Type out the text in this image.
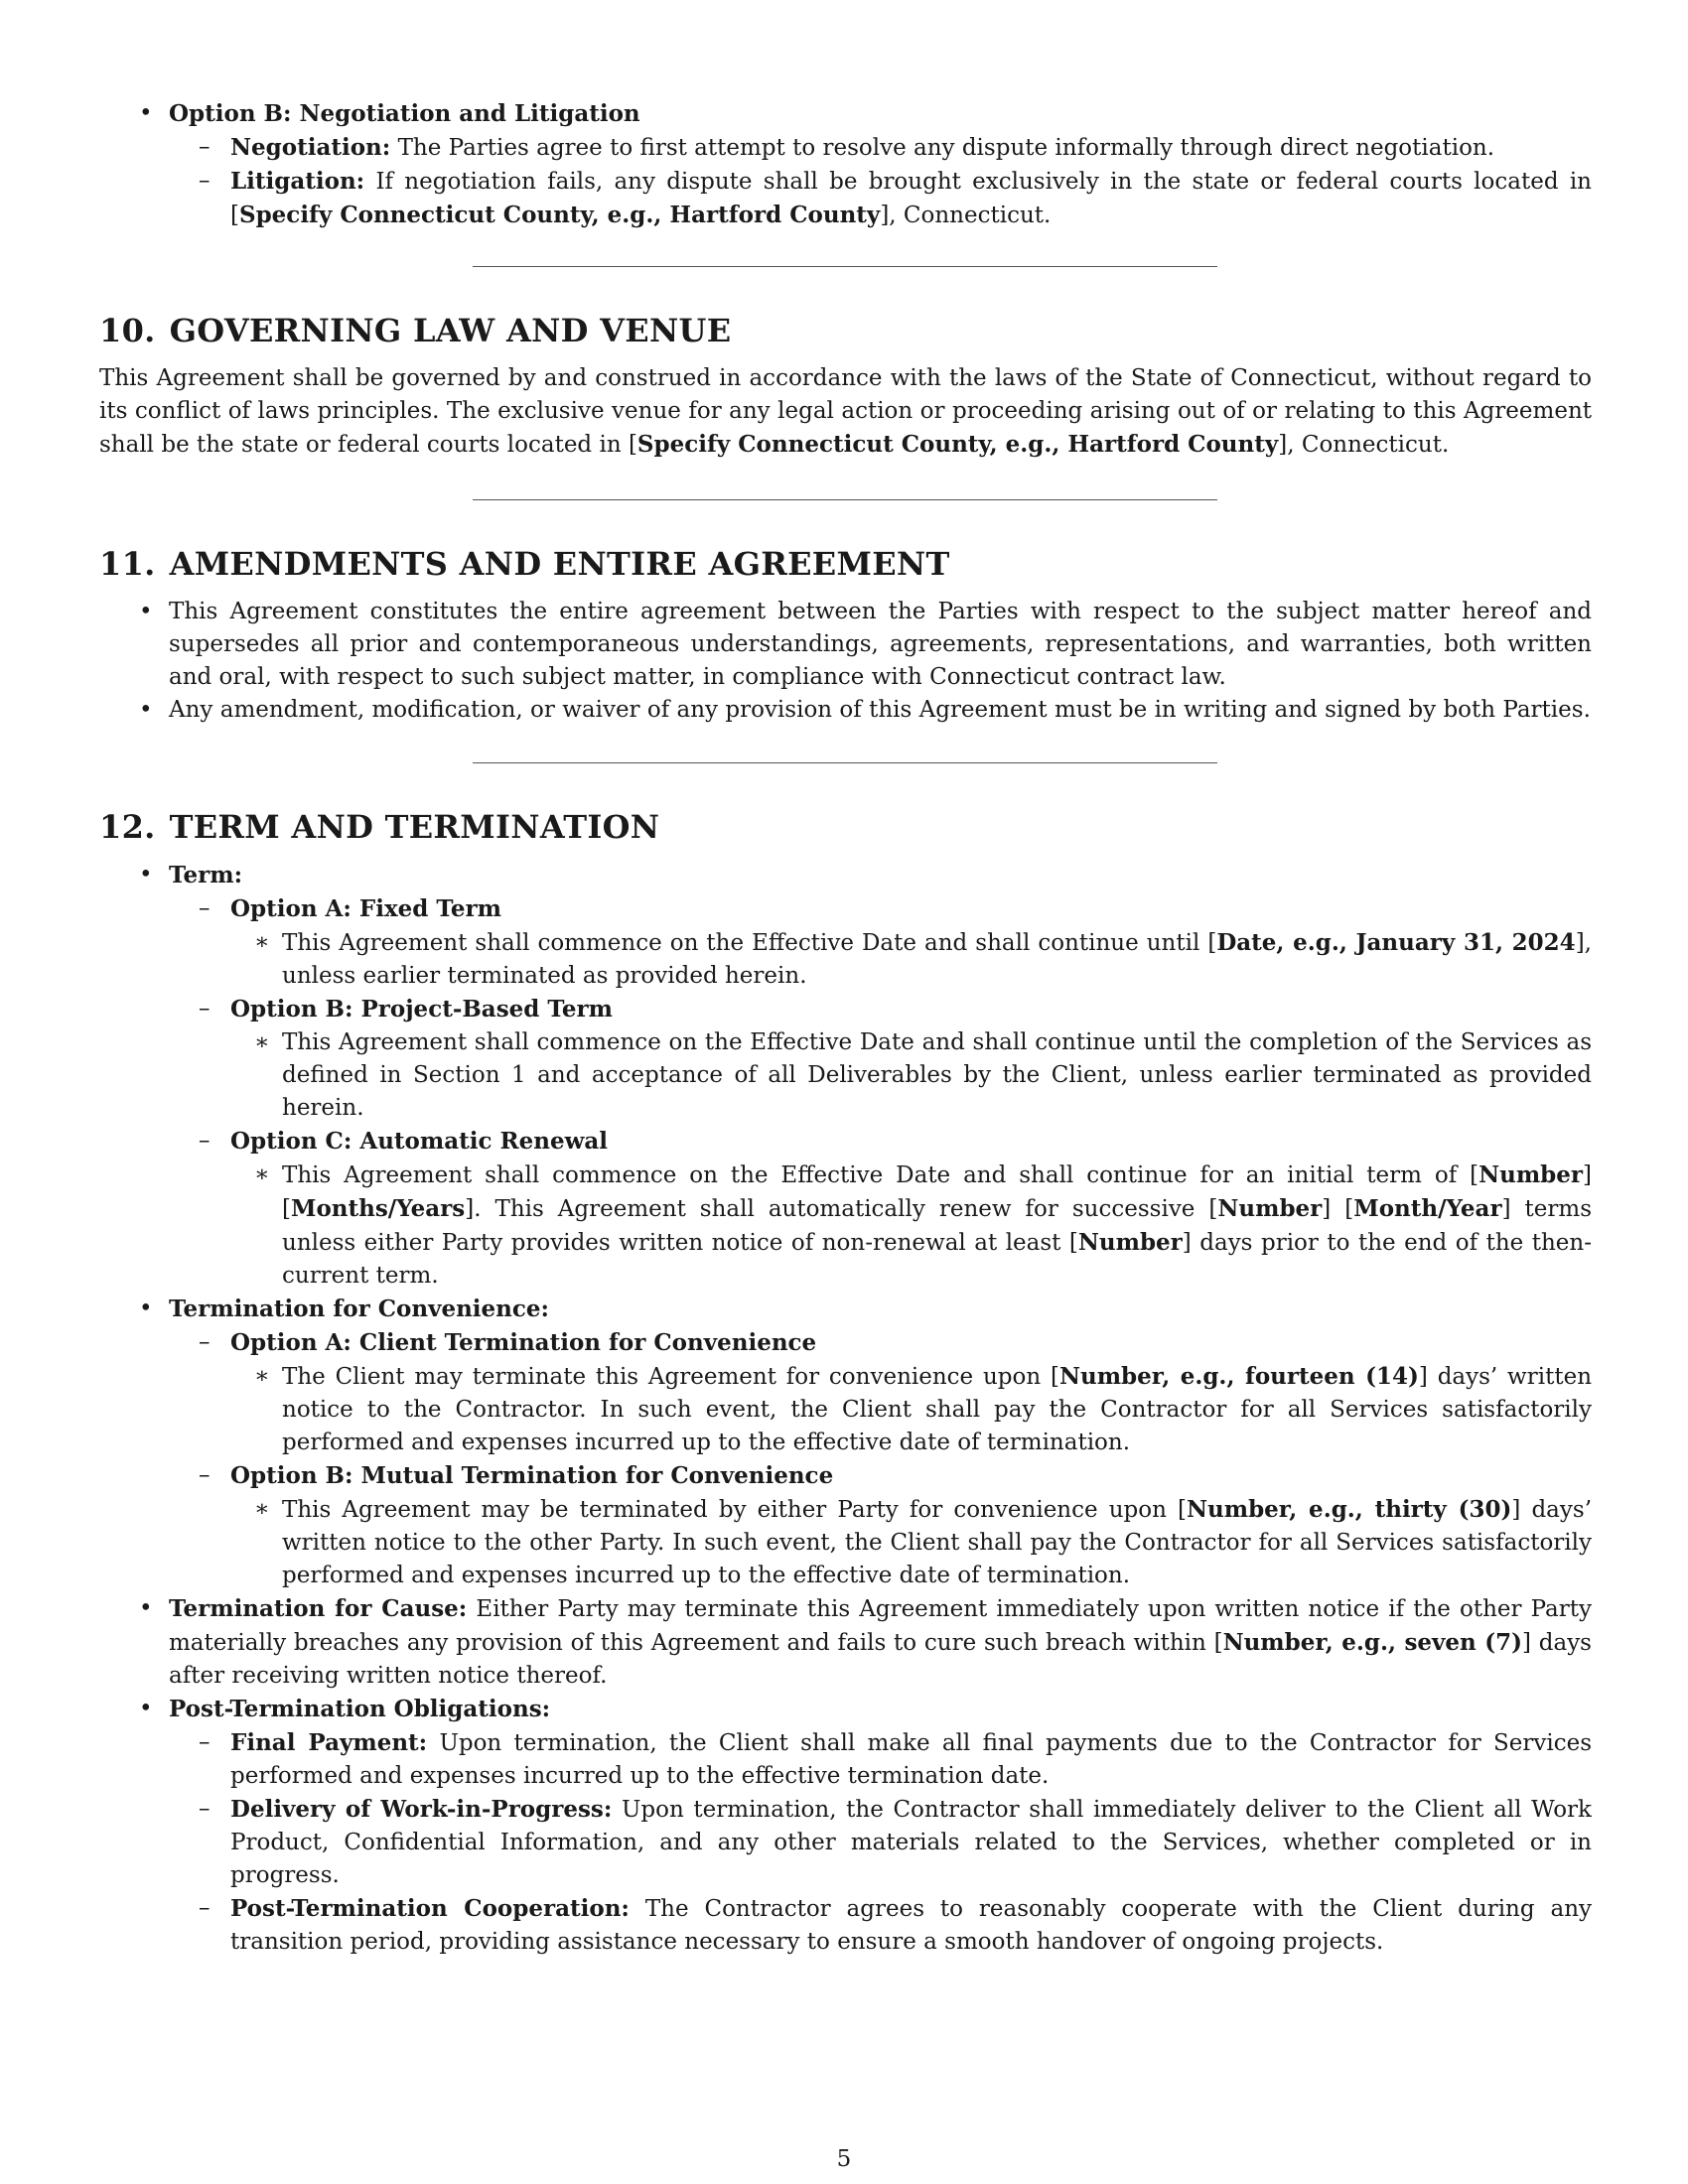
• Option B: Negotiation and Litigation
– Negotiation: The Parties agree to first attempt to resolve any dispute informally through direct negotiation.
– Litigation: If negotiation fails, any dispute shall be brought exclusively in the state or federal courts located in [Specify Connecticut County, e.g., Hartford County], Connecticut.
10. GOVERNING LAW AND VENUE

This Agreement shall be governed by and construed in accordance with the laws of the State of Connecticut, without regard to its conflict of laws principles. The exclusive venue for any legal action or proceeding arising out of or relating to this Agreement shall be the state or federal courts located in [Specify Connecticut County, e.g., Hartford County], Connecticut.

11. AMENDMENTS AND ENTIRE AGREEMENT
• This Agreement constitutes the entire agreement between the Parties with respect to the subject matter hereof and supersedes all prior and contemporaneous understandings, agreements, representations, and warranties, both written and oral, with respect to such subject matter, in compliance with Connecticut contract law.
• Any amendment, modification, or waiver of any provision of this Agreement must be in writing and signed by both Parties.
12. TERM AND TERMINATION
• Term:
– Option A: Fixed Term
∗ This Agreement shall commence on the Effective Date and shall continue until [Date, e.g., January 31, 2024], unless earlier terminated as provided herein.
– Option B: Project-Based Term
∗ This Agreement shall commence on the Effective Date and shall continue until the completion of the Services as defined in Section 1 and acceptance of all Deliverables by the Client, unless earlier terminated as provided herein.
– Option C: Automatic Renewal
∗ This Agreement shall commence on the Effective Date and shall continue for an initial term of [Number] [Months/Years]. This Agreement shall automatically renew for successive [Number] [Month/Year] terms unless either Party provides written notice of non-renewal at least [Number] days prior to the end of the then-current term.
• Termination for Convenience:
– Option A: Client Termination for Convenience
∗ The Client may terminate this Agreement for convenience upon [Number, e.g., fourteen (14)] days’ written notice to the Contractor. In such event, the Client shall pay the Contractor for all Services satisfactorily performed and expenses incurred up to the effective date of termination.
– Option B: Mutual Termination for Convenience
∗ This Agreement may be terminated by either Party for convenience upon [Number, e.g., thirty (30)] days’ written notice to the other Party. In such event, the Client shall pay the Contractor for all Services satisfactorily performed and expenses incurred up to the effective date of termination.
• Termination for Cause: Either Party may terminate this Agreement immediately upon written notice if the other Party materially breaches any provision of this Agreement and fails to cure such breach within [Number, e.g., seven (7)] days after receiving written notice thereof.
• Post-Termination Obligations:
– Final Payment: Upon termination, the Client shall make all final payments due to the Contractor for Services performed and expenses incurred up to the effective termination date.
– Delivery of Work-in-Progress: Upon termination, the Contractor shall immediately deliver to the Client all Work Product, Confidential Information, and any other materials related to the Services, whether completed or in progress.
– Post-Termination Cooperation: The Contractor agrees to reasonably cooperate with the Client during any transition period, providing assistance necessary to ensure a smooth handover of ongoing projects.
5
